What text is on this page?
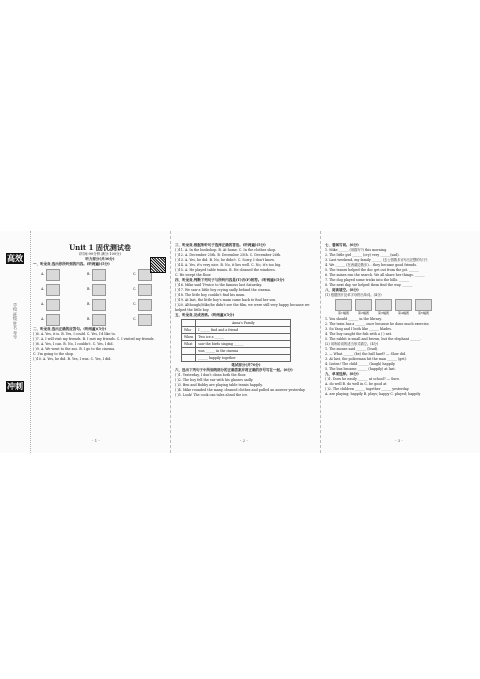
高效
学校 班级 姓名 考号
冲刺

Unit 1 固优测试卷

(时间:90分钟 满分:100分)

听力部分(共30分)

一、听录音,选出你所听到的内容。(听两遍)(5分)

A.	B.	C.
A.	B.	C.
A.	B.	C.
A.	B.	C.

二、听录音,选出正确的应答句。(听两遍)(5分)

( )6. A. Yes, it is. B. Yes, I could. C. Yes, I'd like to.

( )7. A. I will visit my friends. B. I met my friends. C. I visited my friends.

( )8. A. Yes, I can. B. No, I couldn't. C. Yes, I did.

( )9. A. We went to the zoo. B. I go to the cinema.

C. I'm going to the shop.

( )10. A. Yes, he did. B. Yes, I was. C. Yes, I did.

- 1 -

三、听录音,根据所听句子选择正确的答语。(听两遍)(5分)

( )11. A. In the bookshop. B. At home. C. In the clothes shop.

( )12. A. December 25th. B. December 25th. C. December 26th.

( )13. A. Yes, he did. B. No, he didn't. C. Sorry, I don't know.

( )14. A. Yes, it's very nice. B. No, it lies well. C. No, it's too big.

( )15. A. He played table tennis. B. He cleaned the windows.

C. He swept the floor.

四、听录音,判断下列句子与所听内容是(T)否(F)相符。(听两遍)(5分)

( )16. Mike said T-twice to the famous last Saturday.

( )17. We saw a little boy crying sadly behind the cinema.

( )18. The little boy couldn't find his mum.

( )19. At last, the little boy's mum came back to find her son.

( )20. Although/Mike/he didn't see the film, we were still very happy because we

helped the little boy.

五、听录音,完成表格。(听两遍)(5分)

	Anna's Family
Who	I ______ find and a friend
When	Two ice a ______
What	saw the birds singing ______
	was ______ in the cinema
	______ happily together

笔试部分(共70分)

六、选出下列句子中所划线部分的正确答案并将正确的序号写在一起。(6分)

( )1. Yesterday, I don't clean both the floor.

( )2. The boy fell the ear with his glasses sadly.

( )3. Ben and Bobby are playing table tennis happily.

( )4. Mike rounded the many, cleaned clothes and pulled an answer yesterday.

( )5. Look! The cook can tales aloud the ice.

- 2 -

七、看图写词。(6分)

1. Mike ______ (用描写?) this morning.

2. The little girl ______ (cry) very ______(sad).

3. Last weekend, my family ______ (去公园散步)(写出完整的句子)

4. We ______ (在西湖边散步)... they became good friends.

5. The tenses helped the doc get out from the pit. ______

6. The mines run the search. We all share her things. ______

7. The dog played some tricks into the hills. ______

8. The next day, we helped them find the way. ______

八、阅读填空。(8分)

(1) 根据图片及单字母拼出单词。(4分)

第1幅图	第2幅图	第3幅图	第4幅图	第5幅图

1. You should ______ in the library.

2. The train has a ______ once because he done much exercise.

3. Su Yang and I both like ______ blades.

4. The boy caught the fish with a ( ) net.

5. The rabbit is small and brown, but the elephant ______.

(2) 用所给词的适当形式填空。(4分)

1. The mouse said ______ (loud).

2. — What ______ (be) the ball hard? — Slow did.

3. At last, the policeman hit the man ______ (get).

4. Listen! The child ______ (laugh) happily.

5. The bus became ______ (happily) at last.

九、单项选择。(8分)

( )1. Does he easily ______ at school? — Sure.

A. do well B. do well in C. be good at

( )2. The children ______ together ______ yesterday.

A. are playing; happily B. plays; happy C. played; happily

- 3 -
